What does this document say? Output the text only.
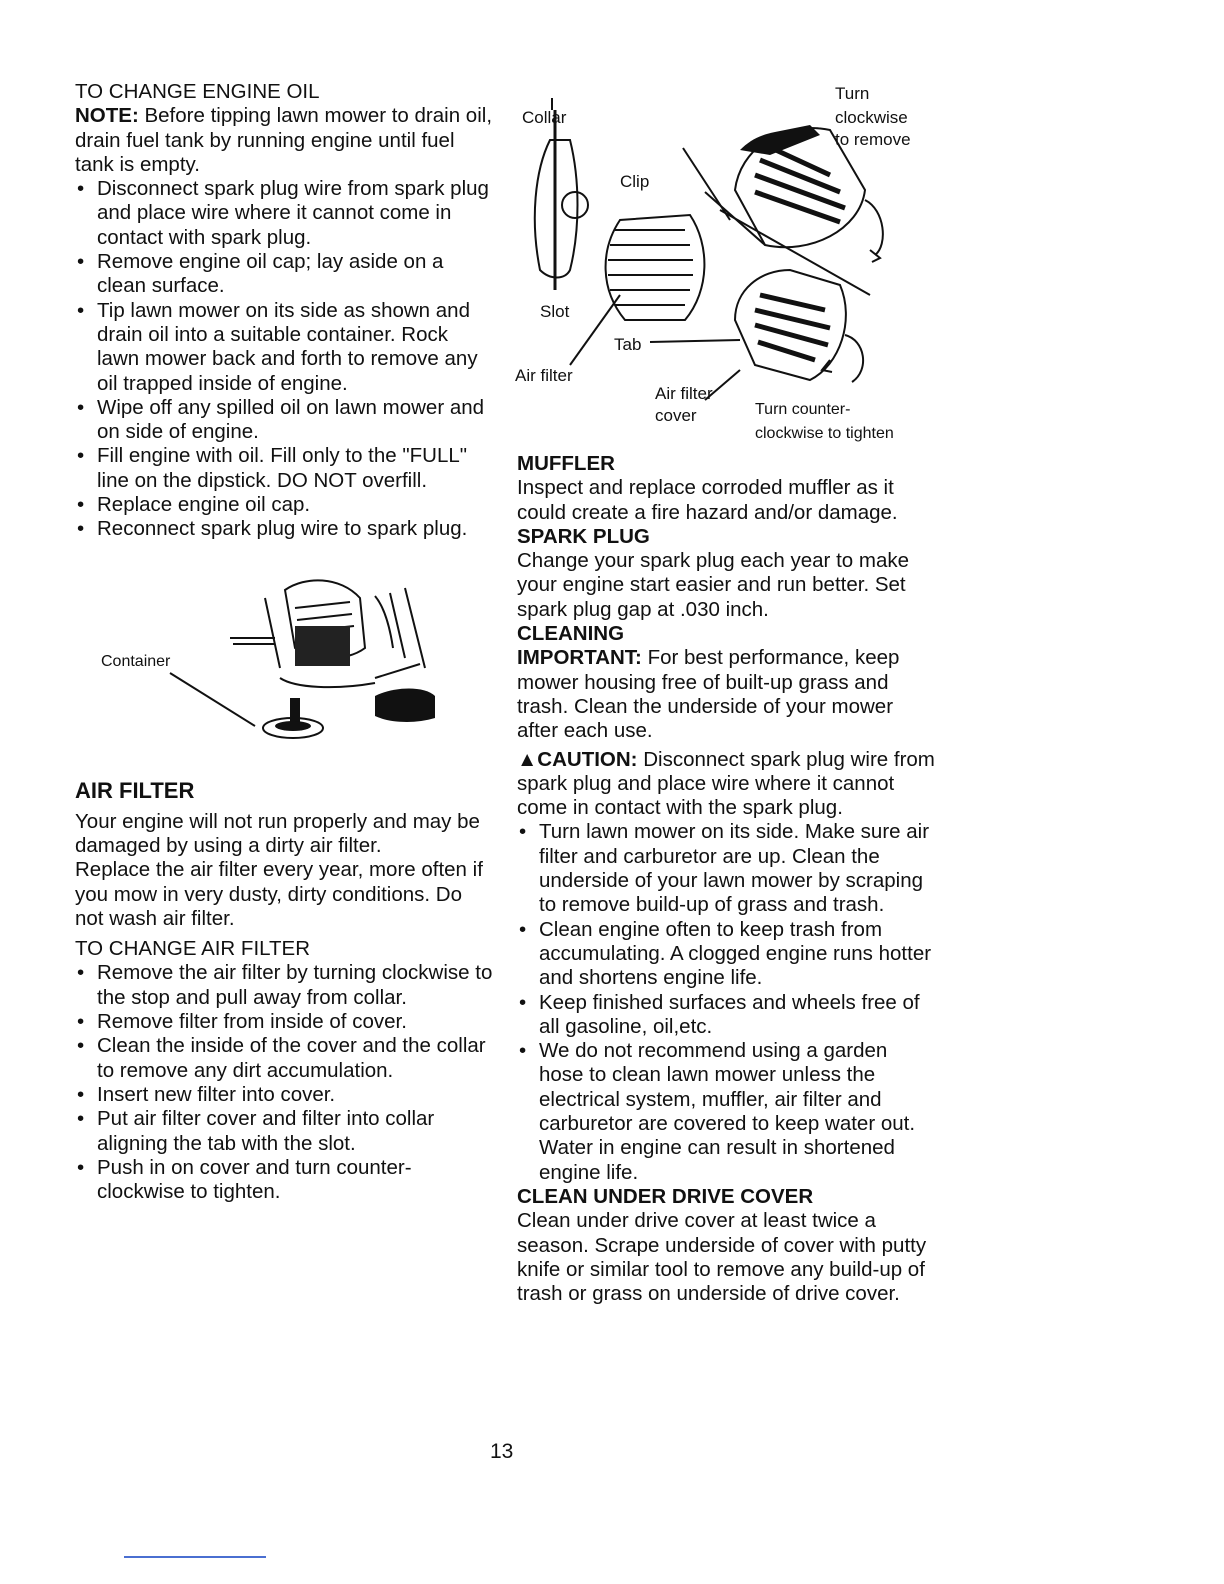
TO CHANGE ENGINE OIL

NOTE: Before tipping lawn mower to drain oil, drain fuel tank by running engine until fuel tank is empty.

• Disconnect spark plug wire from spark plug and place wire where it cannot come in contact with spark plug.
• Remove engine oil cap; lay aside on a clean surface.
• Tip lawn mower on its side as shown and drain oil into a suitable container. Rock lawn mower back and forth to remove any oil trapped inside of engine.
• Wipe off any spilled oil on lawn mower and on side of engine.
• Fill engine with oil. Fill only to the "FULL" line on the dipstick. DO NOT overfill.
• Replace engine oil cap.
• Reconnect spark plug wire to spark plug.
Container
AIR FILTER

Your engine will not run properly and may be damaged by using a dirty air filter.

Replace the air filter every year, more often if you mow in very dusty, dirty conditions. Do not wash air filter.

TO CHANGE AIR FILTER

• Remove the air filter by turning clockwise to the stop and pull away from collar.
• Remove filter from inside of cover.
• Clean the inside of the cover and the collar to remove any dirt accumulation.
• Insert new filter into cover.
• Put air filter cover and filter into collar aligning the tab with the slot.
• Push in on cover and turn counter-clockwise to tighten.
Collar
Clip
Turn
clockwise
to remove
Slot
Tab
Air filter
Air filter
cover	Turn counter-
clockwise to tighten

MUFFLER

Inspect and replace corroded muffler as it could create a fire hazard and/or damage.

SPARK PLUG

Change your spark plug each year to make your engine start easier and run better. Set spark plug gap at .030 inch.

CLEANING

IMPORTANT: For best performance, keep mower housing free of built-up grass and trash. Clean the underside of your mower after each use.

▲CAUTION: Disconnect spark plug wire from spark plug and place wire where it cannot come in contact with the spark plug.

• Turn lawn mower on its side. Make sure air filter and carburetor are up. Clean the underside of your lawn mower by scraping to remove build-up of grass and trash.
• Clean engine often to keep trash from accumulating. A clogged engine runs hotter and shortens engine life.
• Keep finished surfaces and wheels free of all gasoline, oil,etc.
• We do not recommend using a garden hose to clean lawn mower unless the electrical system, muffler, air filter and carburetor are covered to keep water out. Water in engine can result in shortened engine life.

CLEAN UNDER DRIVE COVER

Clean under drive cover at least twice a season. Scrape underside of cover with putty knife or similar tool to remove any build-up of trash or grass on underside of drive cover.

13
